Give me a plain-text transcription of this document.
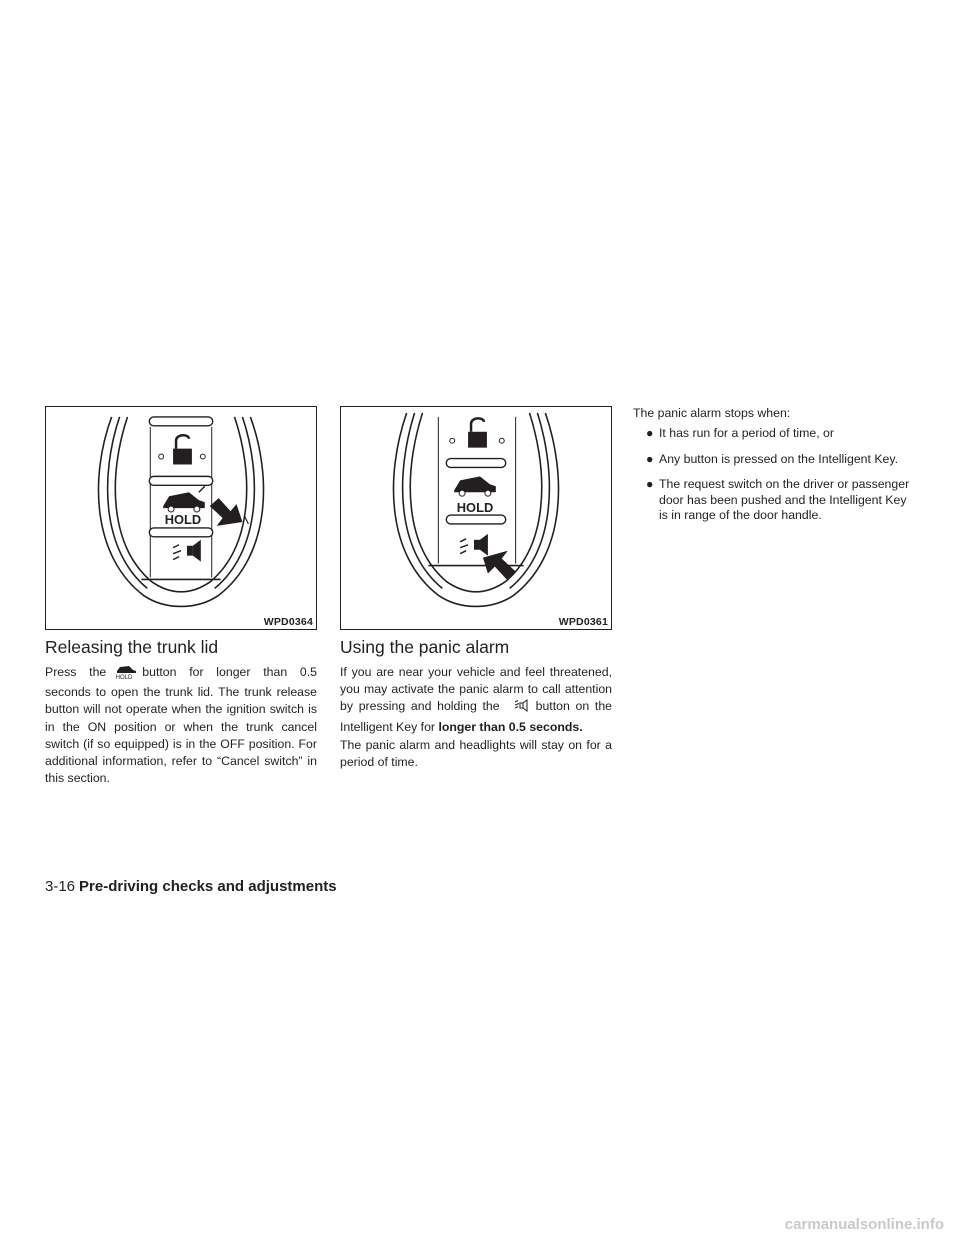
HOLD
WPD0364
HOLD
WPD0361
Releasing the trunk lid

Press the HOLD button for longer than 0.5 seconds to open the trunk lid. The trunk release button will not operate when the ignition switch is in the ON position or when the trunk cancel switch (if so equipped) is in the OFF position. For additional information, refer to “Cancel switch” in this section.

Using the panic alarm

If you are near your vehicle and feel threatened, you may activate the panic alarm to call attention by pressing and holding the	button on the Intelligent Key for longer than 0.5 seconds.

The panic alarm and headlights will stay on for a period of time.

The panic alarm stops when:

● It has run for a period of time, or
● Any button is pressed on the Intelligent Key.
● The request switch on the driver or passenger door has been pushed and the Intelligent Key is in range of the door handle.
3-16 Pre-driving checks and adjustments
carmanualsonline.info
